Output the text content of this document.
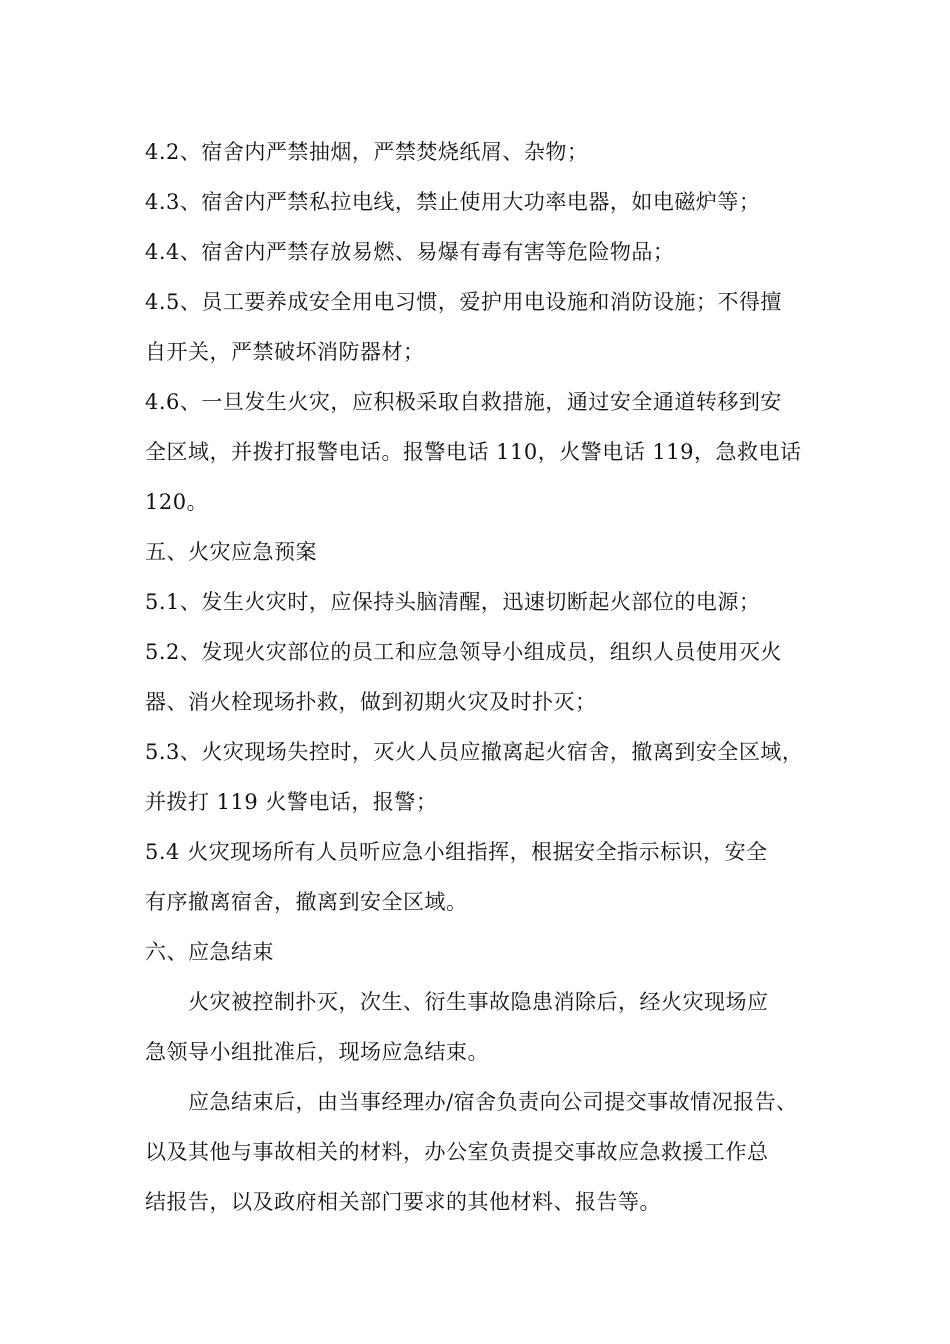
4.2、宿舍内严禁抽烟，严禁焚烧纸屑、杂物；
4.3、宿舍内严禁私拉电线，禁止使用大功率电器，如电磁炉等；
4.4、宿舍内严禁存放易燃、易爆有毒有害等危险物品；
4.5、员工要养成安全用电习惯，爱护用电设施和消防设施；不得擅
自开关，严禁破坏消防器材；
4.6、一旦发生火灾，应积极采取自救措施，通过安全通道转移到安
全区域，并拨打报警电话。报警电话 110，火警电话 119，急救电话
120。
五、火灾应急预案
5.1、发生火灾时，应保持头脑清醒，迅速切断起火部位的电源；
5.2、发现火灾部位的员工和应急领导小组成员，组织人员使用灭火
器、消火栓现场扑救，做到初期火灾及时扑灭；
5.3、火灾现场失控时，灭火人员应撤离起火宿舍，撤离到安全区域，
并拨打 119 火警电话，报警；
5.4 火灾现场所有人员听应急小组指挥，根据安全指示标识，安全
有序撤离宿舍，撤离到安全区域。
六、应急结束
火灾被控制扑灭，次生、衍生事故隐患消除后，经火灾现场应
急领导小组批准后，现场应急结束。
应急结束后，由当事经理办/宿舍负责向公司提交事故情况报告、
以及其他与事故相关的材料，办公室负责提交事故应急救援工作总
结报告，以及政府相关部门要求的其他材料、报告等。
